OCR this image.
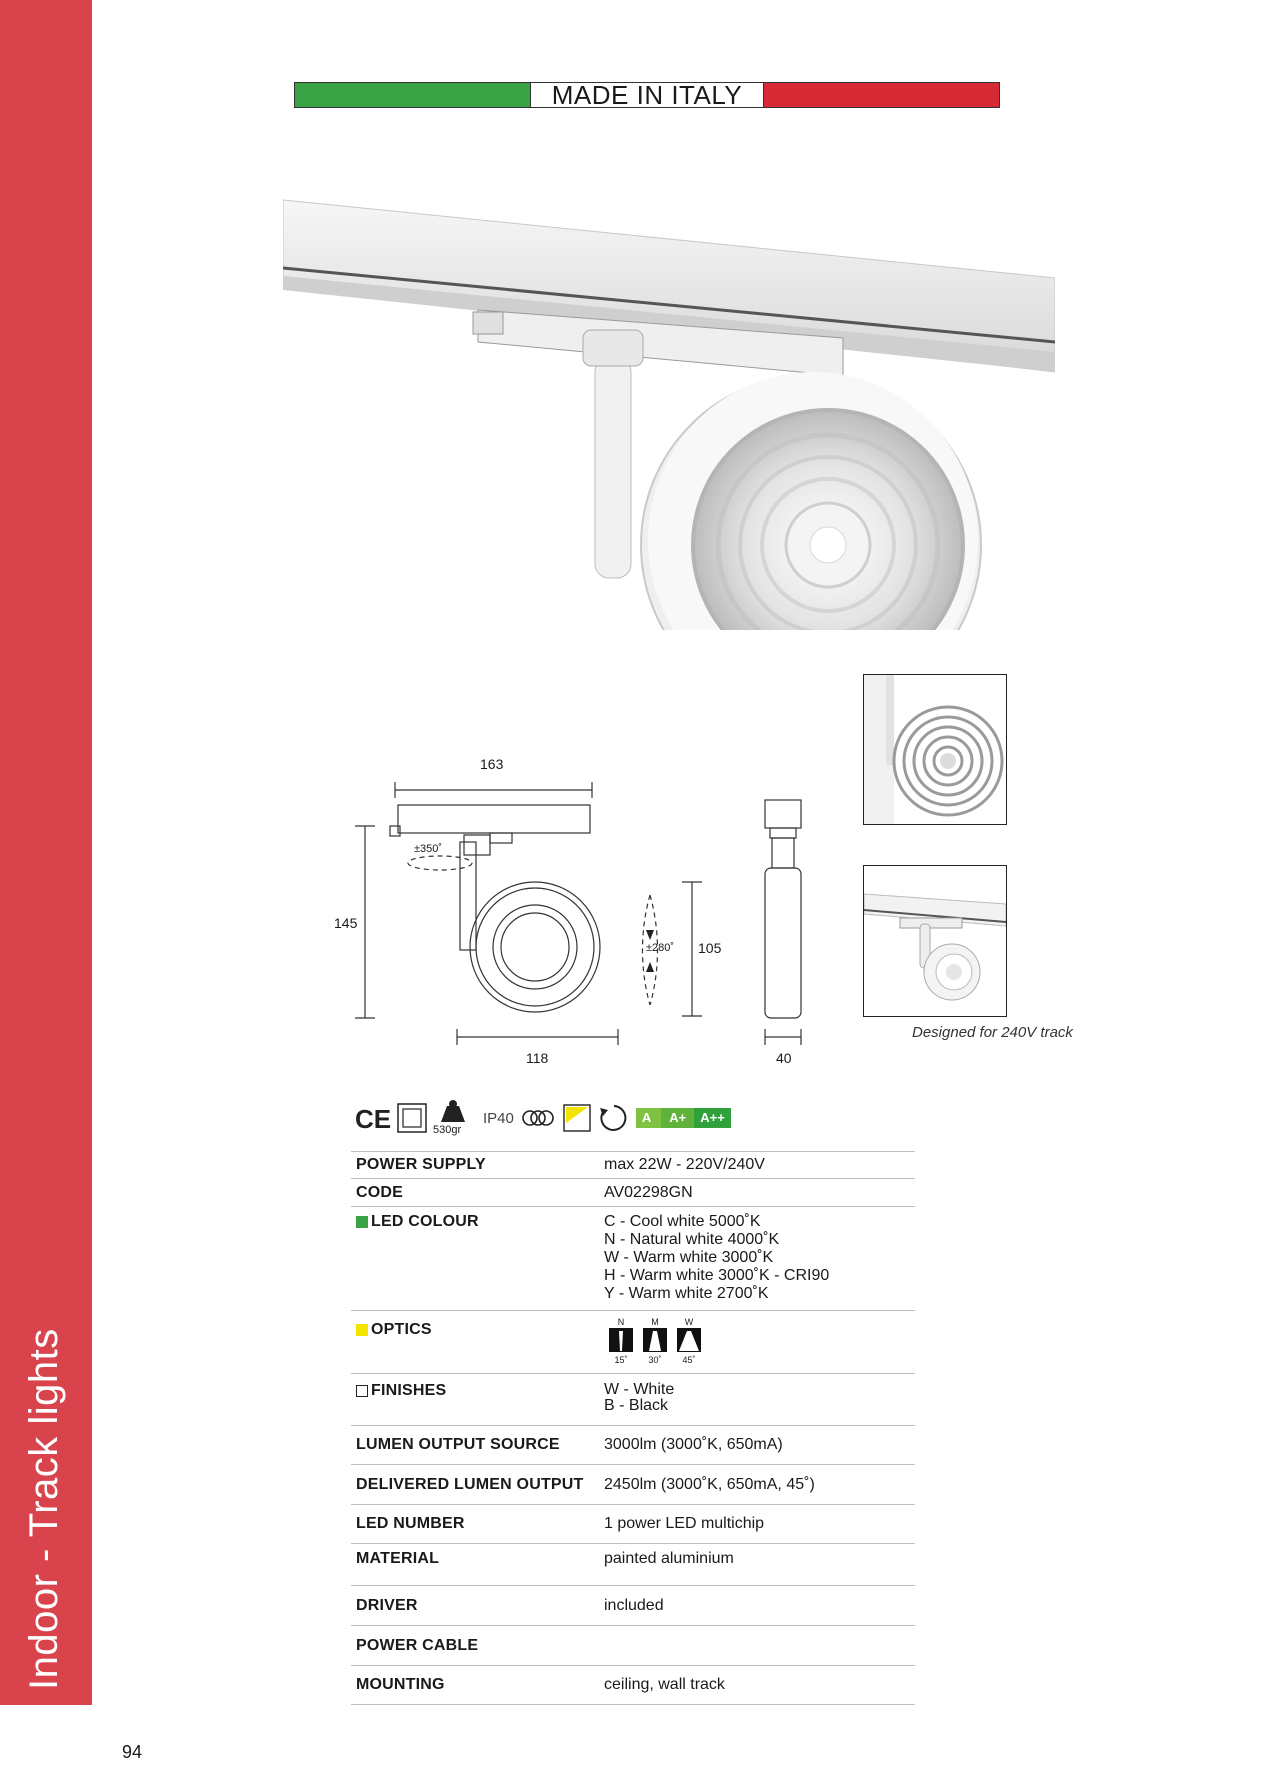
Indoor - Track lights
94
MADE IN ITALY
163
145
±350˚
±280˚ 105
118	40
Designed for 240V track
CE	530gr
IP40	A	A+	A++
POWER SUPPLY	max 22W - 220V/240V
CODE	AV02298GN
LED COLOUR	C - Cool white 5000˚K
N - Natural white 4000˚K
W - Warm white 3000˚K
H - Warm white 3000˚K - CRI90
Y - Warm white 2700˚K
OPTICS	N
15˚
M
30˚
W
45˚
FINISHES	W - White
B - Black
LUMEN OUTPUT SOURCE	3000lm (3000˚K, 650mA)
DELIVERED LUMEN OUTPUT	2450lm (3000˚K, 650mA, 45˚)
LED NUMBER	1 power LED multichip
MATERIAL	painted aluminium
DRIVER	included
POWER CABLE
MOUNTING	ceiling, wall track
